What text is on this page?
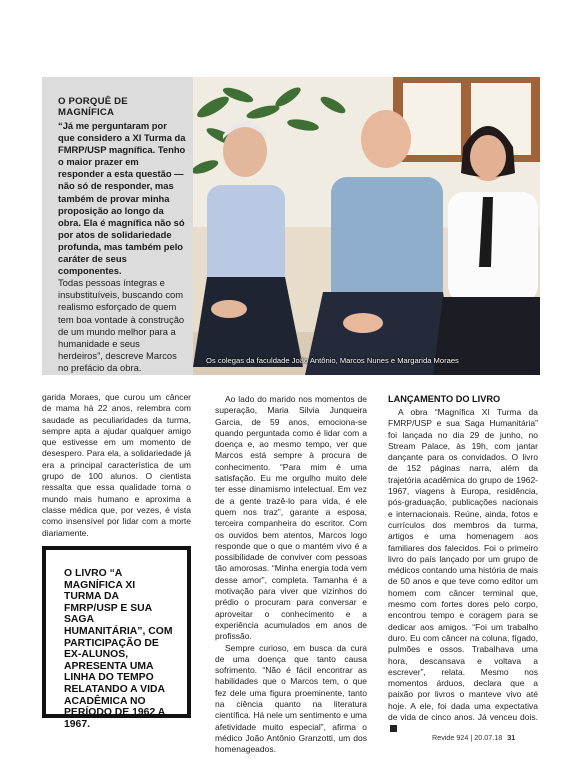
O PORQUÊ DE MAGNÍFICA

“Já me perguntaram por que considero a XI Turma da FMRP/USP magnífica. Tenho o maior prazer em responder a esta questão — não só de responder, mas também de provar minha proposição ao longo da obra. Ela é magnífica não só por atos de solidariedade profunda, mas também pelo caráter de seus componentes.

Todas pessoas íntegras e insubstituíveis, buscando com realismo esforçado de quem tem boa vontade à construção de um mundo melhor para a humanidade e seus herdeiros”, descreve Marcos no prefácio da obra.

Os colegas da faculdade João Antônio, Marcos Nunes e Margarida Moraes

garida Moraes, que curou um câncer de mama há 22 anos, relembra com saudade as peculiaridades da turma, sempre apta a ajudar qualquer amigo que estivesse em um momento de desespero. Para ela, a solidariedade já era a principal característica de um grupo de 100 alunos. O cientista ressalta que essa qualidade torna o mundo mais humano e aproxima a classe médica que, por vezes, é vista como insensível por lidar com a morte diariamente.

O LIVRO “A MAGNÍFICA XI TURMA DA FMRP/USP E SUA SAGA HUMANITÁRIA”, COM PARTICIPAÇÃO DE EX-ALUNOS, APRESENTA UMA LINHA DO TEMPO RELATANDO A VIDA ACADÊMICA NO PERÍODO DE 1962 A 1967.

Ao lado do marido nos momentos de superação, Maria Silvia Junqueira Garcia, de 59 anos, emociona-se quando perguntada como é lidar com a doença e, ao mesmo tempo, ver que Marcos está sempre à procura de conhecimento. “Para mim é uma satisfação. Eu me orgulho muito dele ter esse dinamismo intelectual. Em vez de a gente trazê-lo para vida, é ele quem nos traz”, garante a esposa, terceira companheira do escritor. Com os ouvidos bem atentos, Marcos logo responde que o que o mantém vivo é a possibilidade de conviver com pessoas tão amorosas. “Minha energia toda vem desse amor”, completa. Tamanha é a motivação para viver que vizinhos do prédio o procuram para conversar e aproveitar o conhecimento e a experiência acumulados em anos de profissão.

Sempre curioso, em busca da cura de uma doença que tanto causa sofrimento. “Não é fácil encontrar as habilidades que o Marcos tem, o que fez dele uma figura proeminente, tanto na ciência quanto na literatura científica. Há nele um sentimento e uma afetividade muito especial”, afirma o médico João Antônio Granzotti, um dos homenageados.

LANÇAMENTO DO LIVRO

A obra “Magnífica XI Turma da FMRP/USP e sua Saga Humanitária” foi lançada no dia 29 de junho, no Stream Palace, às 19h, com jantar dançante para os convidados. O livro de 152 páginas narra, além da trajetória acadêmica do grupo de 1962-1967, viagens à Europa, residência, pós-graduação, publicações nacionais e internacionais. Reúne, ainda, fotos e currículos dos membros da turma, artigos e uma homenagem aos familiares dos falecidos. Foi o primeiro livro do país lançado por um grupo de médicos contando uma história de mais de 50 anos e que teve como editor um homem com câncer terminal que, mesmo com fortes dores pelo corpo, encontrou tempo e coragem para se dedicar aos amigos. “Foi um trabalho duro. Eu com câncer na coluna, fígado, pulmões e ossos. Trabalhava uma hora, descansava e voltava a escrever”, relata. Mesmo nos momentos árduos, declara que a paixão por livros o manteve vivo até hoje. A ele, foi dada uma expectativa de vida de cinco anos. Já venceu dois.

Revide 924 | 20.07.18 31
